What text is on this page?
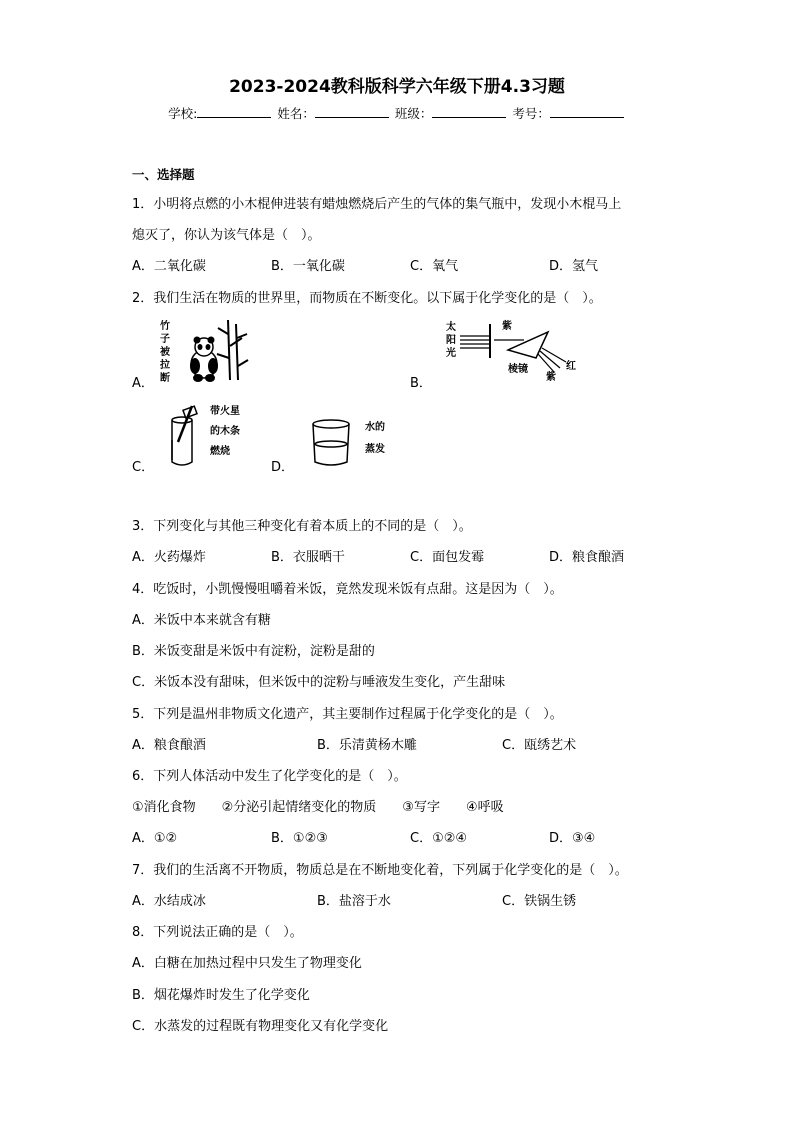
2023-2024教科版科学六年级下册4.3习题
学校:	姓名：	班级：	考号：
一、选择题
1．小明将点燃的小木棍伸进装有蜡烛燃烧后产生的气体的集气瓶中，发现小木棍马上
熄灭了，你认为该气体是（　）。
A．二氧化碳	B．一氧化碳	C．氧气	D．氢气
2．我们生活在物质的世界里，而物质在不断变化。以下属于化学变化的是（　）。
A．	B．
C．	D．
竹
子
被
拉
断
太
阳
光
紫
红
棱镜
紫
带火星
的木条
燃烧
水的
蒸发
3．下列变化与其他三种变化有着本质上的不同的是（　）。
A．火药爆炸	B．衣服晒干	C．面包发霉	D．粮食酿酒
4．吃饭时，小凯慢慢咀嚼着米饭，竟然发现米饭有点甜。这是因为（　）。
A．米饭中本来就含有糖
B．米饭变甜是米饭中有淀粉，淀粉是甜的
C．米饭本没有甜味，但米饭中的淀粉与唾液发生变化，产生甜味
5．下列是温州非物质文化遗产，其主要制作过程属于化学变化的是（　）。
A．粮食酿酒	B．乐清黄杨木雕	C．瓯绣艺术
6．下列人体活动中发生了化学变化的是（　）。
①消化食物　　②分泌引起情绪变化的物质　　③写字　　④呼吸
A．①②	B．①②③	C．①②④	D．③④
7．我们的生活离不开物质，物质总是在不断地变化着，下列属于化学变化的是（　）。
A．水结成冰	B．盐溶于水	C．铁锅生锈
8．下列说法正确的是（　）。
A．白糖在加热过程中只发生了物理变化
B．烟花爆炸时发生了化学变化
C．水蒸发的过程既有物理变化又有化学变化
